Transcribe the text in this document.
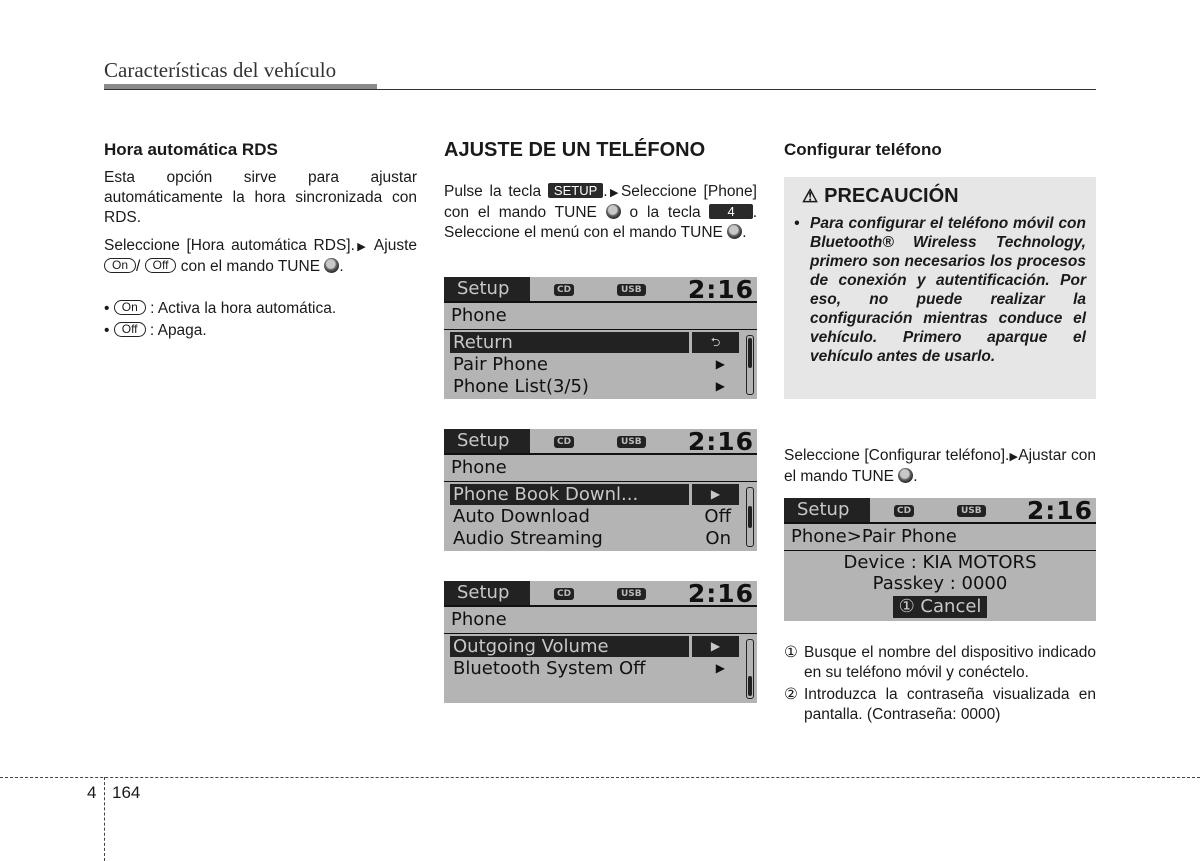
Características del vehículo
Hora automática RDS

Esta opción sirve para ajustar automáticamente la hora sincronizada con RDS.

Seleccione [Hora automática RDS].▶ Ajuste On / Off con el mando TUNE .

• On : Activa la hora automática.
• Off : Apaga.
AJUSTE DE UN TELÉFONO

Pulse la tecla SETUP .▶Seleccione [Phone] con el mando TUNE o la tecla 4 . Seleccione el menú con el mando TUNE .

Setup	CD	USB 2:16
Phone
Return	⮌
Pair Phone	▶
Phone List(3/5)	▶
Setup	CD	USB 2:16
Phone
Phone Book Downl...	▶
Auto Download	Off
Audio Streaming	On
Setup	CD	USB 2:16
Phone
Outgoing Volume	▶
Bluetooth System Off	▶
Configurar teléfono
⚠ PRECAUCIÓN
• Para configurar el teléfono móvil con Bluetooth® Wireless Technology, primero son necesarios los procesos de conexión y autentificación. Por eso, no puede realizar la configuración mientras conduce el vehículo. Primero aparque el vehículo antes de usarlo.

Seleccione [Configurar teléfono].▶Ajustar con el mando TUNE .

Setup	CD	USB 2:16
Phone>Pair Phone
Device : KIA MOTORS
Passkey : 0000
① Cancel
① Busque el nombre del dispositivo indicado en su teléfono móvil y conéctelo.
② Introduzca la contraseña visualizada en pantalla. (Contraseña: 0000)
4 164
